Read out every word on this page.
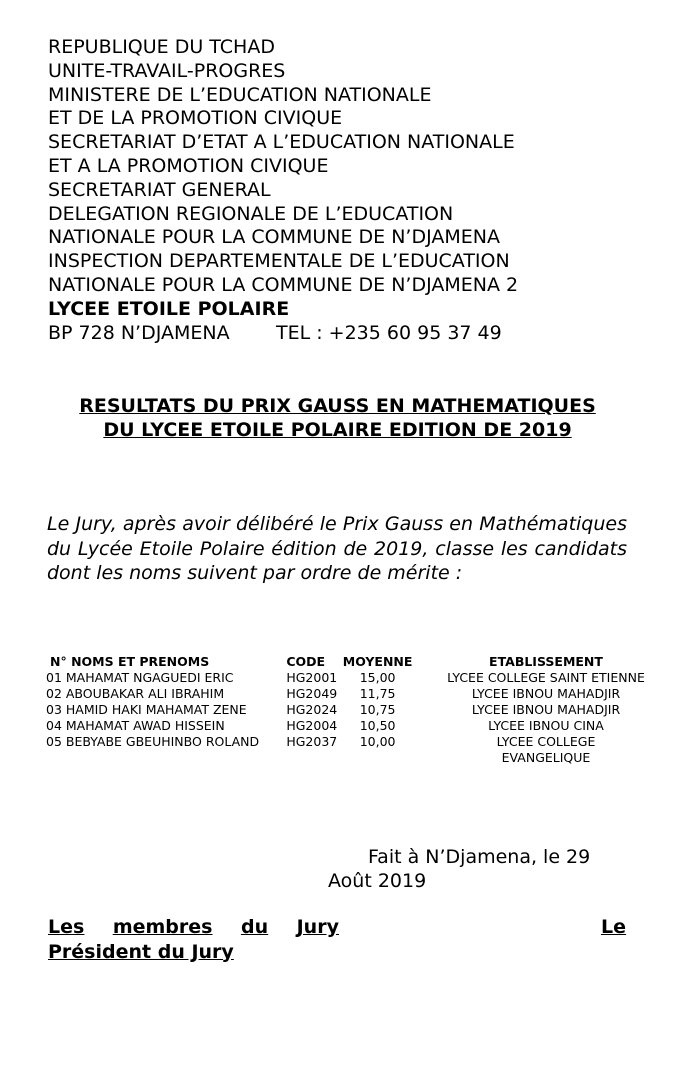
REPUBLIQUE DU TCHAD
UNITE-TRAVAIL-PROGRES
MINISTERE DE L’EDUCATION NATIONALE
ET DE LA PROMOTION CIVIQUE
SECRETARIAT D’ETAT A L’EDUCATION NATIONALE
ET A LA PROMOTION CIVIQUE
SECRETARIAT GENERAL
DELEGATION REGIONALE DE L’EDUCATION
NATIONALE POUR LA COMMUNE DE N’DJAMENA
INSPECTION DEPARTEMENTALE DE L’EDUCATION
NATIONALE POUR LA COMMUNE DE N’DJAMENA 2
LYCEE ETOILE POLAIRE
BP 728 N’DJAMENA TEL : +235 60 95 37 49
RESULTATS DU PRIX GAUSS EN MATHEMATIQUES
DU LYCEE ETOILE POLAIRE EDITION DE 2019
Le Jury, après avoir délibéré le Prix Gauss en Mathématiques du Lycée Etoile Polaire édition de 2019, classe les candidats dont les noms suivent par ordre de mérite :
N° NOMS ET PRENOMS	CODE	MOYENNE	ETABLISSEMENT
01 MAHAMAT NGAGUEDI ERIC	HG2001	15,00	LYCEE COLLEGE SAINT ETIENNE
02 ABOUBAKAR ALI IBRAHIM	HG2049	11,75	LYCEE IBNOU MAHADJIR
03 HAMID HAKI MAHAMAT ZENE	HG2024	10,75	LYCEE IBNOU MAHADJIR
04 MAHAMAT AWAD HISSEIN	HG2004	10,50	LYCEE IBNOU CINA
05 BEBYABE GBEUHINBO ROLAND	HG2037	10,00	LYCEE COLLEGE EVANGELIQUE
Fait à N’Djamena, le 29
Août 2019
Les membres du Jury	Le
Président du Jury
